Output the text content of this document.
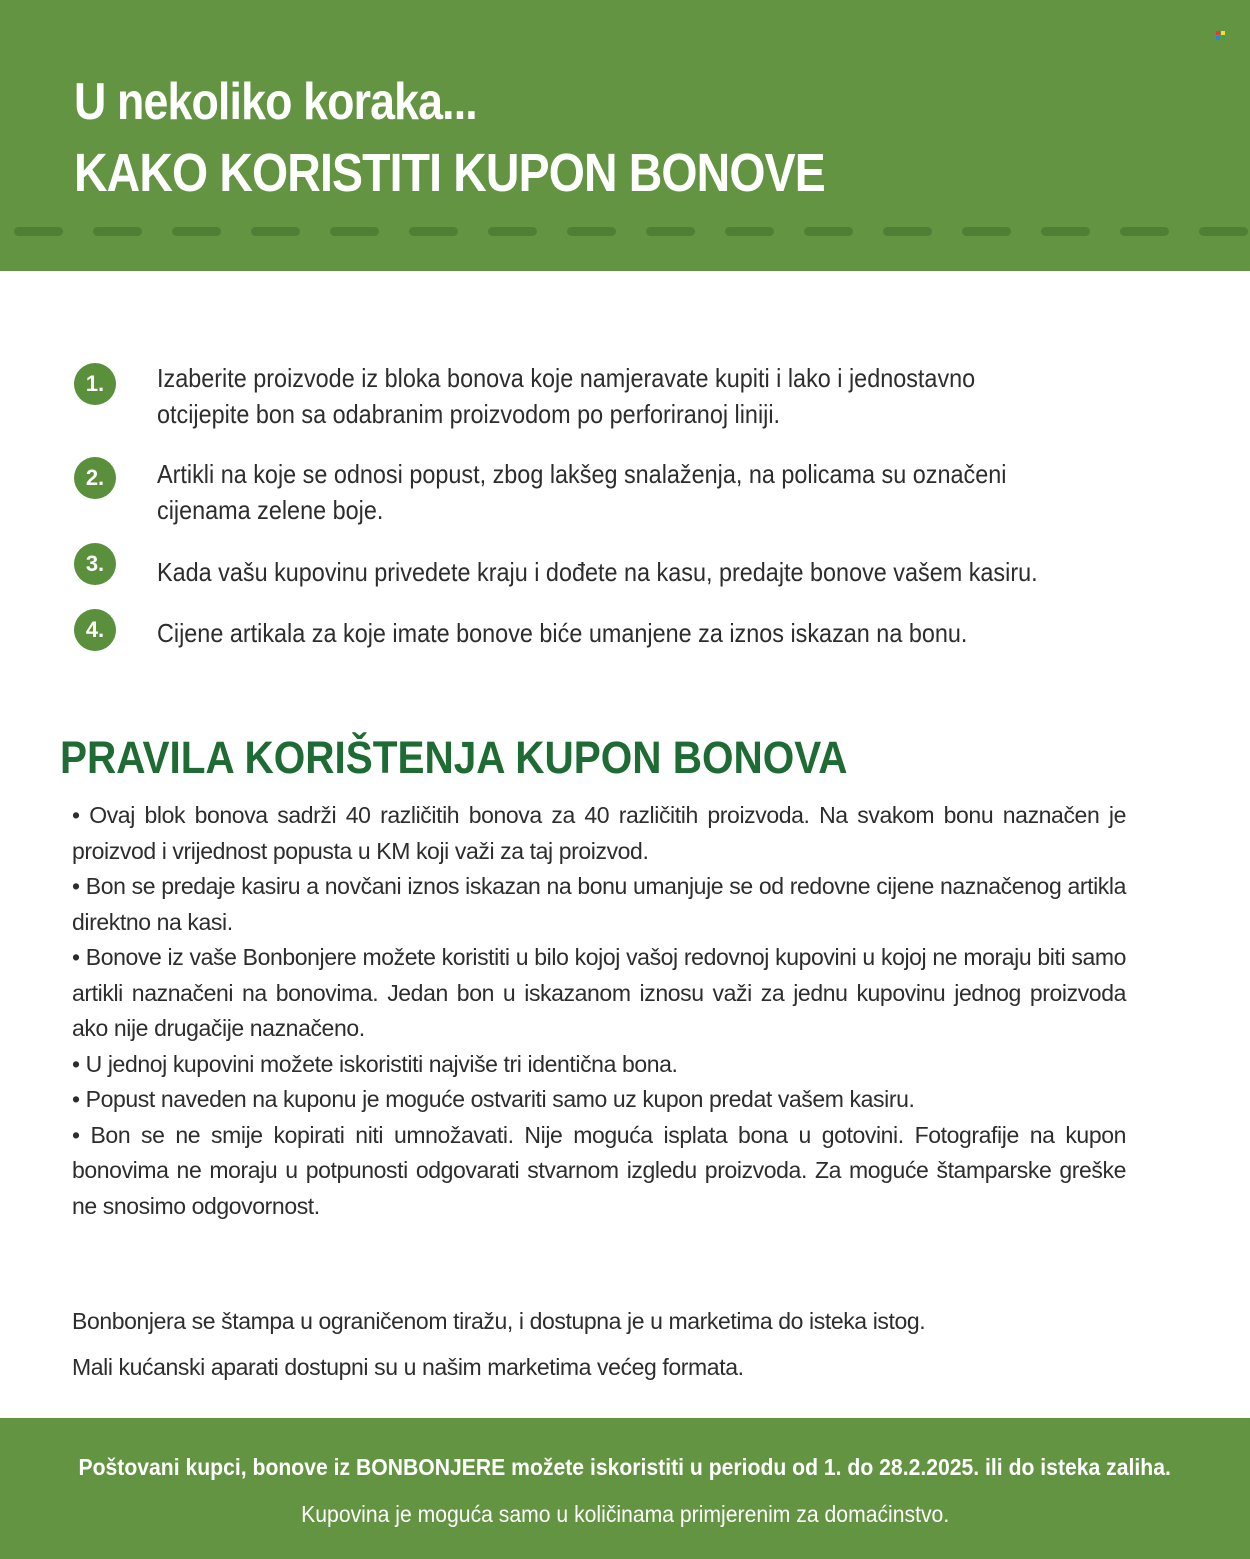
U nekoliko koraka...
KAKO KORISTITI KUPON BONOVE
1.	Izaberite proizvode iz bloka bonova koje namjeravate kupiti i lako i jednostavno
otcijepite bon sa odabranim proizvodom po perforiranoj liniji.
2.	Artikli na koje se odnosi popust, zbog lakšeg snalaženja, na policama su označeni
cijenama zelene boje.
3.	Kada vašu kupovinu privedete kraju i dođete na kasu, predajte bonove vašem kasiru.
4.	Cijene artikala za koje imate bonove biće umanjene za iznos iskazan na bonu.
PRAVILA KORIŠTENJA KUPON BONOVA

• Ovaj blok bonova sadrži 40 različitih bonova za 40 različitih proizvoda. Na svakom bonu naznačen je proizvod i vrijednost popusta u KM koji važi za taj proizvod.

• Bon se predaje kasiru a novčani iznos iskazan na bonu umanjuje se od redovne cijene naznačenog artikla direktno na kasi.

• Bonove iz vaše Bonbonjere možete koristiti u bilo kojoj vašoj redovnoj kupovini u kojoj ne moraju biti samo artikli naznačeni na bonovima. Jedan bon u iskazanom iznosu važi za jednu kupovinu jednog proizvoda ako nije drugačije naznačeno.

• U jednoj kupovini možete iskoristiti najviše tri identična bona.

• Popust naveden na kuponu je moguće ostvariti samo uz kupon predat vašem kasiru.

• Bon se ne smije kopirati niti umnožavati. Nije moguća isplata bona u gotovini. Fotografije na kupon bonovima ne moraju u potpunosti odgovarati stvarnom izgledu proizvoda. Za moguće štamparske greške ne snosimo odgovornost.

Bonbonjera se štampa u ograničenom tiražu, i dostupna je u marketima do isteka istog.

Mali kućanski aparati dostupni su u našim marketima većeg formata.

Poštovani kupci, bonove iz BONBONJERE možete iskoristiti u periodu od 1. do 28.2.2025. ili do isteka zaliha.
Kupovina je moguća samo u količinama primjerenim za domaćinstvo.
